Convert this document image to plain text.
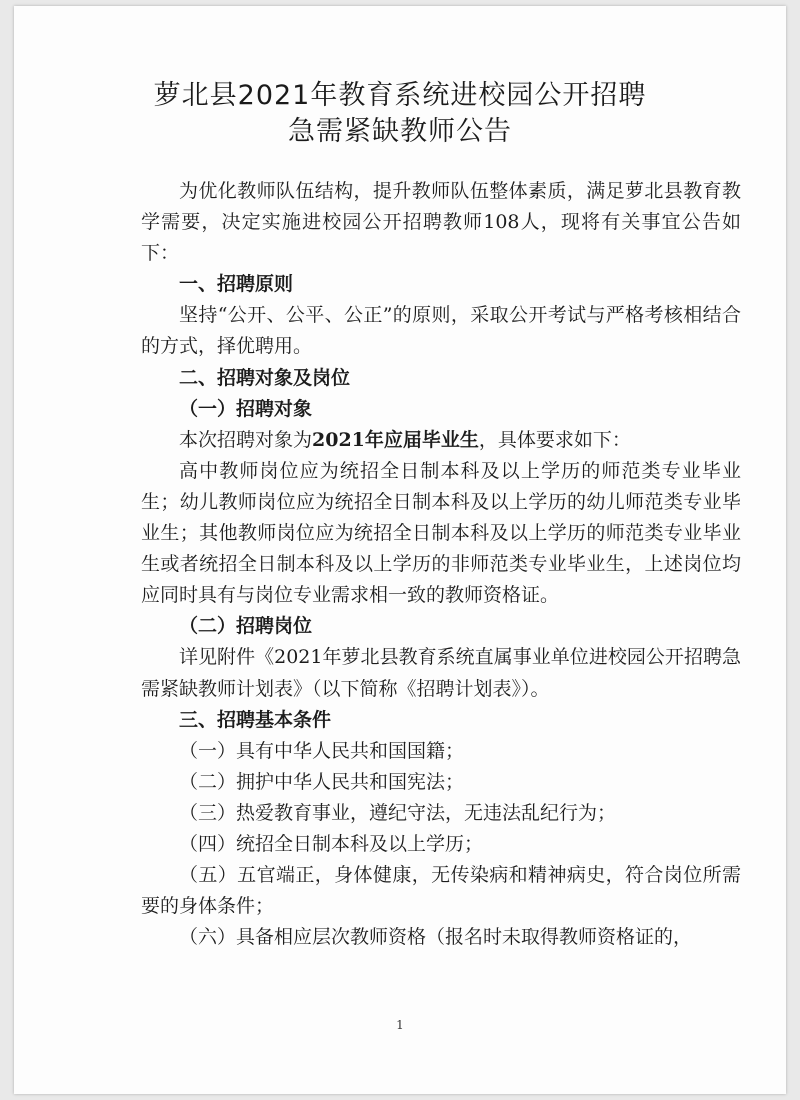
萝北县2021年教育系统进校园公开招聘
急需紧缺教师公告

为优化教师队伍结构，提升教师队伍整体素质，满足萝北县教育教学需要，决定实施进校园公开招聘教师108人，现将有关事宜公告如下：

一、招聘原则

坚持“公开、公平、公正”的原则，采取公开考试与严格考核相结合的方式，择优聘用。

二、招聘对象及岗位

（一）招聘对象

本次招聘对象为2021年应届毕业生，具体要求如下：

高中教师岗位应为统招全日制本科及以上学历的师范类专业毕业生；幼儿教师岗位应为统招全日制本科及以上学历的幼儿师范类专业毕业生；其他教师岗位应为统招全日制本科及以上学历的师范类专业毕业生或者统招全日制本科及以上学历的非师范类专业毕业生，上述岗位均应同时具有与岗位专业需求相一致的教师资格证。

（二）招聘岗位

详见附件《2021年萝北县教育系统直属事业单位进校园公开招聘急需紧缺教师计划表》（以下简称《招聘计划表》）。

三、招聘基本条件

（一）具有中华人民共和国国籍；

（二）拥护中华人民共和国宪法；

（三）热爱教育事业，遵纪守法，无违法乱纪行为；

（四）统招全日制本科及以上学历；

（五）五官端正，身体健康，无传染病和精神病史，符合岗位所需要的身体条件；

（六）具备相应层次教师资格（报名时未取得教师资格证的，

1
